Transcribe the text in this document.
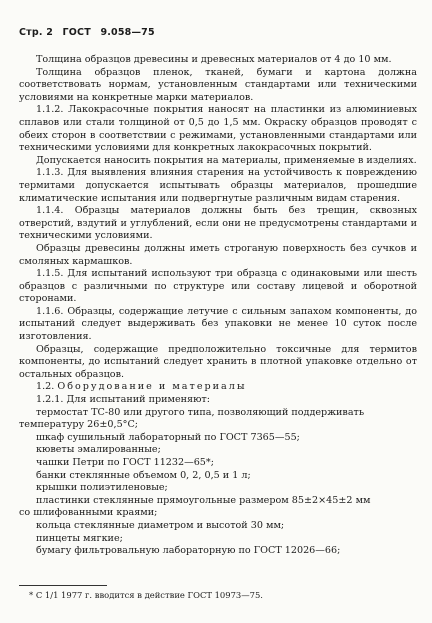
Стр. 2 ГОСТ 9.058—75

Толщина образцов древесины и древесных материалов от 4 до 10 мм.

Толщина образцов пленок, тканей, бумаги и картона должна соответствовать нормам, установленным стандартами или техническими условиями на конкретные марки материалов.

1.1.2. Лакокрасочные покрытия наносят на пластинки из алюминиевых сплавов или стали толщиной от 0,5 до 1,5 мм. Окраску образцов проводят с обеих сторон в соответствии с режимами, установленными стандартами или техническими условиями для конкретных лакокрасочных покрытий.

Допускается наносить покрытия на материалы, применяемые в изделиях.

1.1.3. Для выявления влияния старения на устойчивость к повреждению термитами допускается испытывать образцы материалов, прошедшие климатические испытания или подвергнутые различным видам старения.

1.1.4. Образцы материалов должны быть без трещин, сквозных отверстий, вздутий и углублений, если они не предусмотрены стандартами и техническими условиями.

Образцы древесины должны иметь строганую поверхность без сучков и смоляных кармашков.

1.1.5. Для испытаний используют три образца с одинаковыми или шесть образцов с различными по структуре или составу лицевой и оборотной сторонами.

1.1.6. Образцы, содержащие летучие с сильным запахом компоненты, до испытаний следует выдерживать без упаковки не менее 10 суток после изготовления.

Образцы, содержащие предположительно токсичные для термитов компоненты, до испытаний следует хранить в плотной упаковке отдельно от остальных образцов.

1.2. Оборудование и материалы

1.2.1. Для испытаний применяют:

термостат ТС-80 или другого типа, позволяющий поддерживать

температуру 26±0,5°С;

шкаф сушильный лабораторный по ГОСТ 7365—55;

кюветы эмалированные;

чашки Петри по ГОСТ 11232—65*;

банки стеклянные объемом 0, 2, 0,5 и 1 л;

крышки полиэтиленовые;

пластинки стеклянные прямоугольные размером 85±2×45±2 мм

со шлифованными краями;

кольца стеклянные диаметром и высотой 30 мм;

пинцеты мягкие;

бумагу фильтровальную лабораторную по ГОСТ 12026—66;

* С 1/1 1977 г. вводится в действие ГОСТ 10973—75.
